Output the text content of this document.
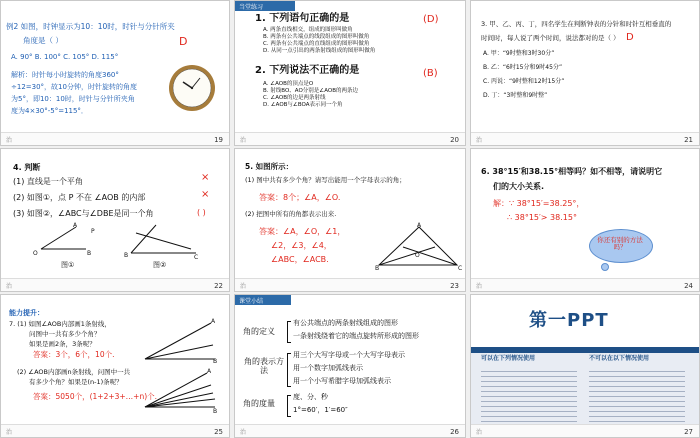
例2 如图，时钟显示为10：10时，时针与分针所夹
角度是（ ）	D
A. 90° B. 100° C. 105° D. 115°
解析：时针每小时旋转的角度360°
÷12=30°，故10分钟，时针旋转的角度
为5°，即10：10时，时针与分针所夹角
度为4×30°-5°=115°．
治	19
当堂练习
1. 下列语句正确的是	(D)
A. 两条直线相交，组成的图形叫做角
B. 两条有公共端点的线段组成的图形叫做角
C. 两条有公共端点的直线组成的图形叫做角
D. 从同一点引出的两条射线组成的图形叫做角
2. 下列说法不正确的是	(B)
A. ∠AOB的顶点是O
B. 射线BO、AO分别是∠AOB的两条边
C. ∠AOB的边是两条射线
D. ∠AOB与∠BOA表示同一个角
治	20
3. 甲、乙、丙、丁，四名学生在判断钟表的分针和时针互相垂直的
时间时，每人说了两个时间，说法都对的是（ ） D
A. 甲：“9时整和3时30分”
B. 乙：“6时15分和9时45分”
C. 丙说：“9时整和12时15分”
D. 丁：“3时整和9时整”
治	21
4. 判断
(1) 直线是一个平角
(2) 如图①，点 P 不在 ∠AOB 的内部
(3) 如图②，∠ABC与∠DBE是同一个角
×
×
( )
O
A
B
P
B	C
图①	图②
治	22
5. 如图所示：
(1) 图中共有多少个角？请写出能用一个字母表示的角；
答案：8个；∠A，∠O.
(2) 把图中所有的角都表示出来.
答案：∠A，∠O，∠1，
∠2，∠3，∠4，
∠ABC，∠ACB.
B
A
C
O
治	23
6. 38°15′和38.15°相等吗？如不相等，请说明它
们的大小关系.
解：∵ 38°15′=38.25°，
∴ 38°15′> 38.15°
你还有别的方法吗？
治	24
能力提升：
7. (1) 如图∠AOB内部画1条射线，
问图中一共有多少个角？
如果是画2条，3条呢？
答案：3个，6个，10个.
(2) ∠AOB内部画n条射线，问图中一共
有多少个角？如果是(n-1)条呢？
答案：5050个，(1+2+3+…+n)个.
A
B
A
B
治	25
课堂小结
角的定义
有公共端点的两条射线组成的图形
一条射线绕着它的端点旋转所形成的图形
角的表示方法
用三个大写字母或一个大写字母表示
用一个数字加弧线表示
用一个小写希腊字母加弧线表示
角的度量
度、分、秒
1°=60′，1′=60″
治	26
第一PPT
可以在下列情况使用	不可以在以下情况使用
治	27
